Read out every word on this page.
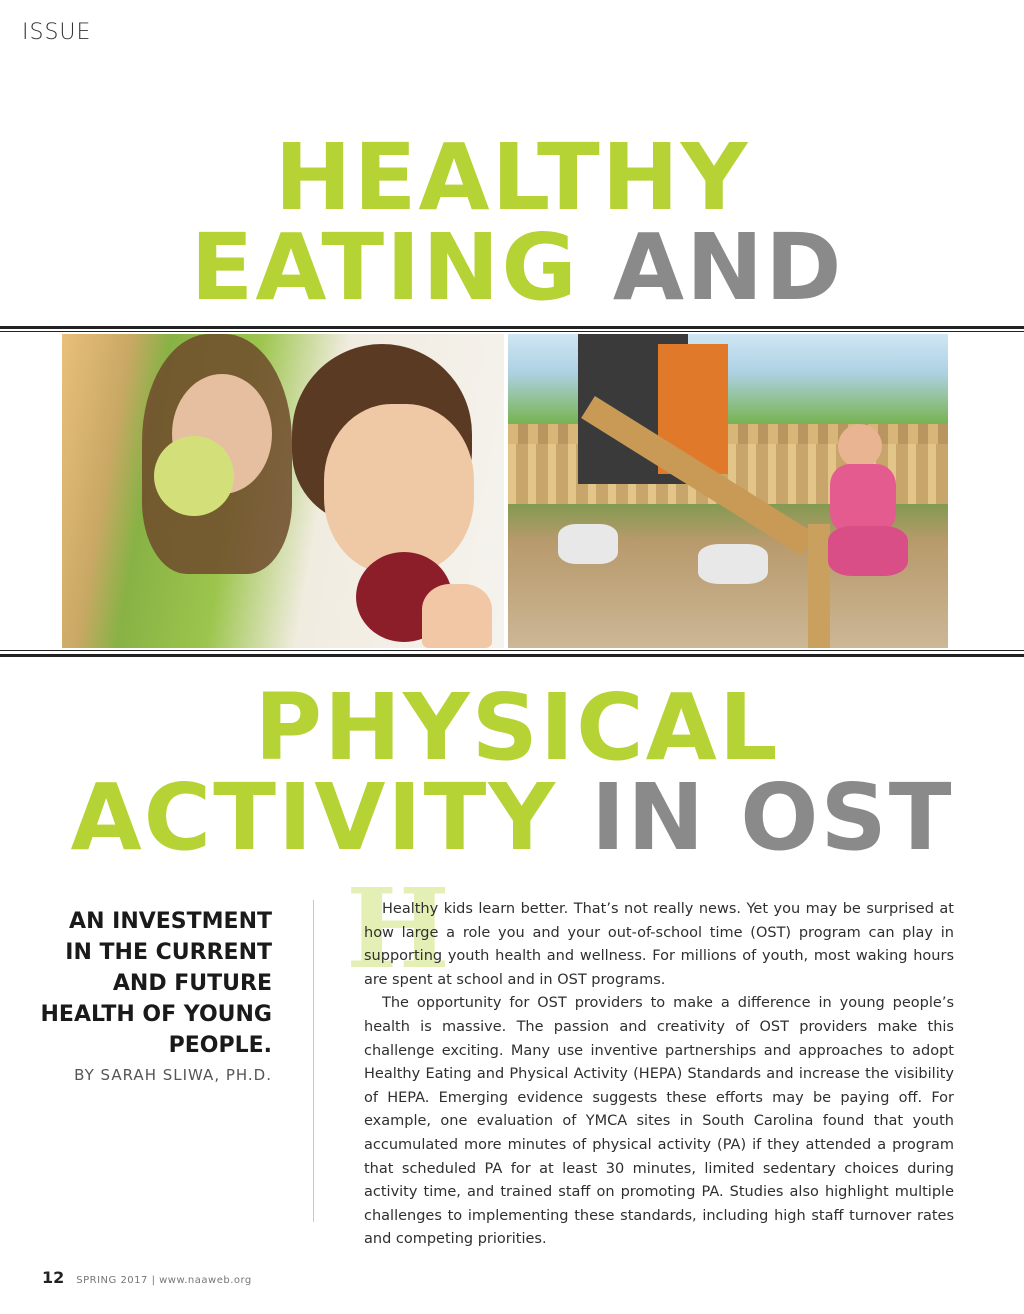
ISSUE
HEALTHY
EATING AND
PHYSICAL
ACTIVITY IN OST
AN INVESTMENT IN THE CURRENT AND FUTURE HEALTH OF YOUNG PEOPLE.
BY SARAH SLIWA, PH.D.
H

Healthy kids learn better. That’s not really news. Yet you may be surprised at how large a role you and your out-of-school time (OST) program can play in supporting youth health and wellness. For millions of youth, most waking hours are spent at school and in OST programs.

The opportunity for OST providers to make a difference in young people’s health is massive. The passion and creativity of OST providers make this challenge exciting. Many use inventive partnerships and approaches to adopt Healthy Eating and Physical Activity (HEPA) Standards and increase the visibility of HEPA. Emerging evidence suggests these efforts may be paying off. For example, one evaluation of YMCA sites in South Carolina found that youth accumulated more minutes of physical activity (PA) if they attended a program that scheduled PA for at least 30 minutes, limited sedentary choices during activity time, and trained staff on promoting PA. Studies also highlight multiple challenges to implementing these standards, including high staff turnover rates and competing priorities.

12 SPRING 2017 | www.naaweb.org
